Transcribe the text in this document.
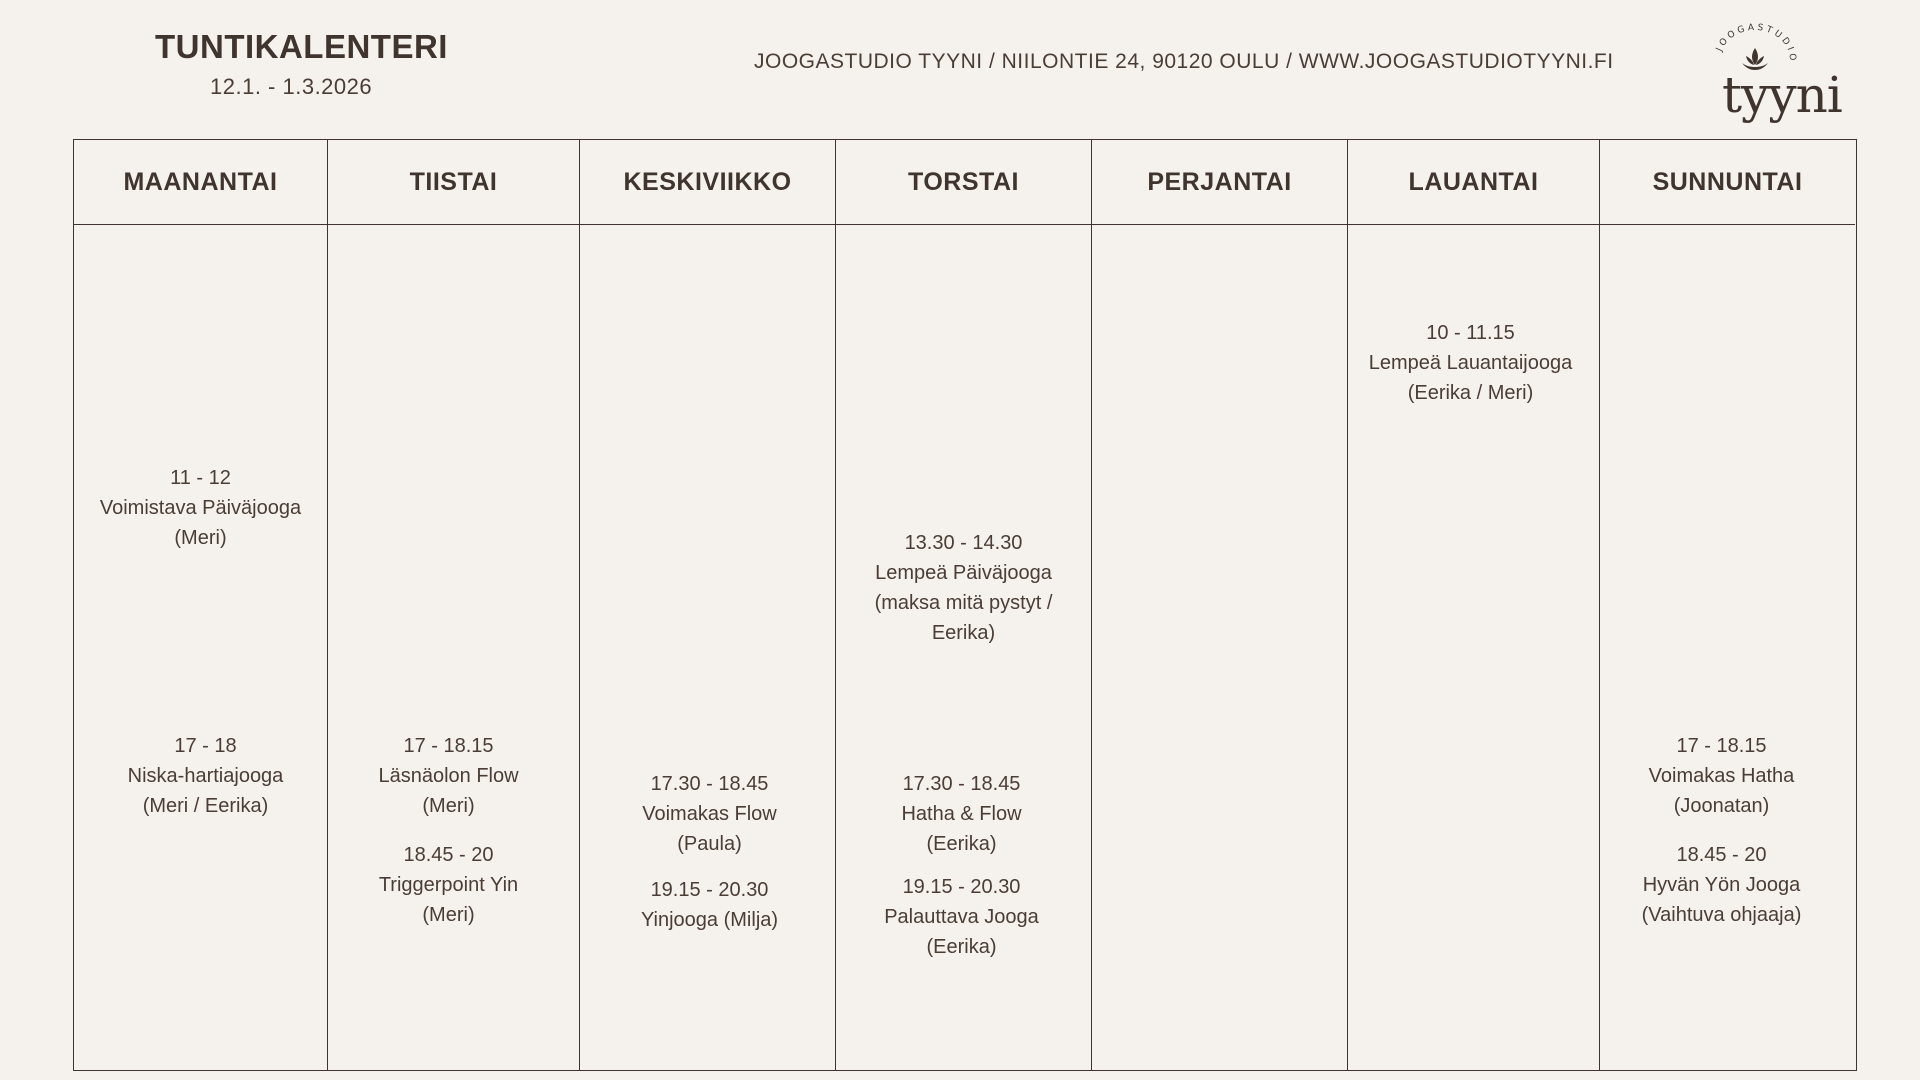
TUNTIKALENTERI
12.1. - 1.3.2026
JOOGASTUDIO TYYNI / NIILONTIE 24, 90120 OULU / WWW.JOOGASTUDIOTYYNI.FI
JOOGASTUDIO
tyyni
MAANANTAI
11 - 12
Voimistava Päiväjooga
(Meri)
17 - 18
Niska-hartiajooga
(Meri / Eerika)
TIISTAI
17 - 18.15
Läsnäolon Flow
(Meri)
18.45 - 20
Triggerpoint Yin
(Meri)
KESKIVIIKKO
17.30 - 18.45
Voimakas Flow
(Paula)
19.15 - 20.30
Yinjooga (Milja)
TORSTAI
13.30 - 14.30
Lempeä Päiväjooga
(maksa mitä pystyt /
Eerika)
17.30 - 18.45
Hatha & Flow
(Eerika)
19.15 - 20.30
Palauttava Jooga
(Eerika)
PERJANTAI	LAUANTAI
10 - 11.15
Lempeä Lauantaijooga
(Eerika / Meri)
SUNNUNTAI
17 - 18.15
Voimakas Hatha
(Joonatan)
18.45 - 20
Hyvän Yön Jooga
(Vaihtuva ohjaaja)
